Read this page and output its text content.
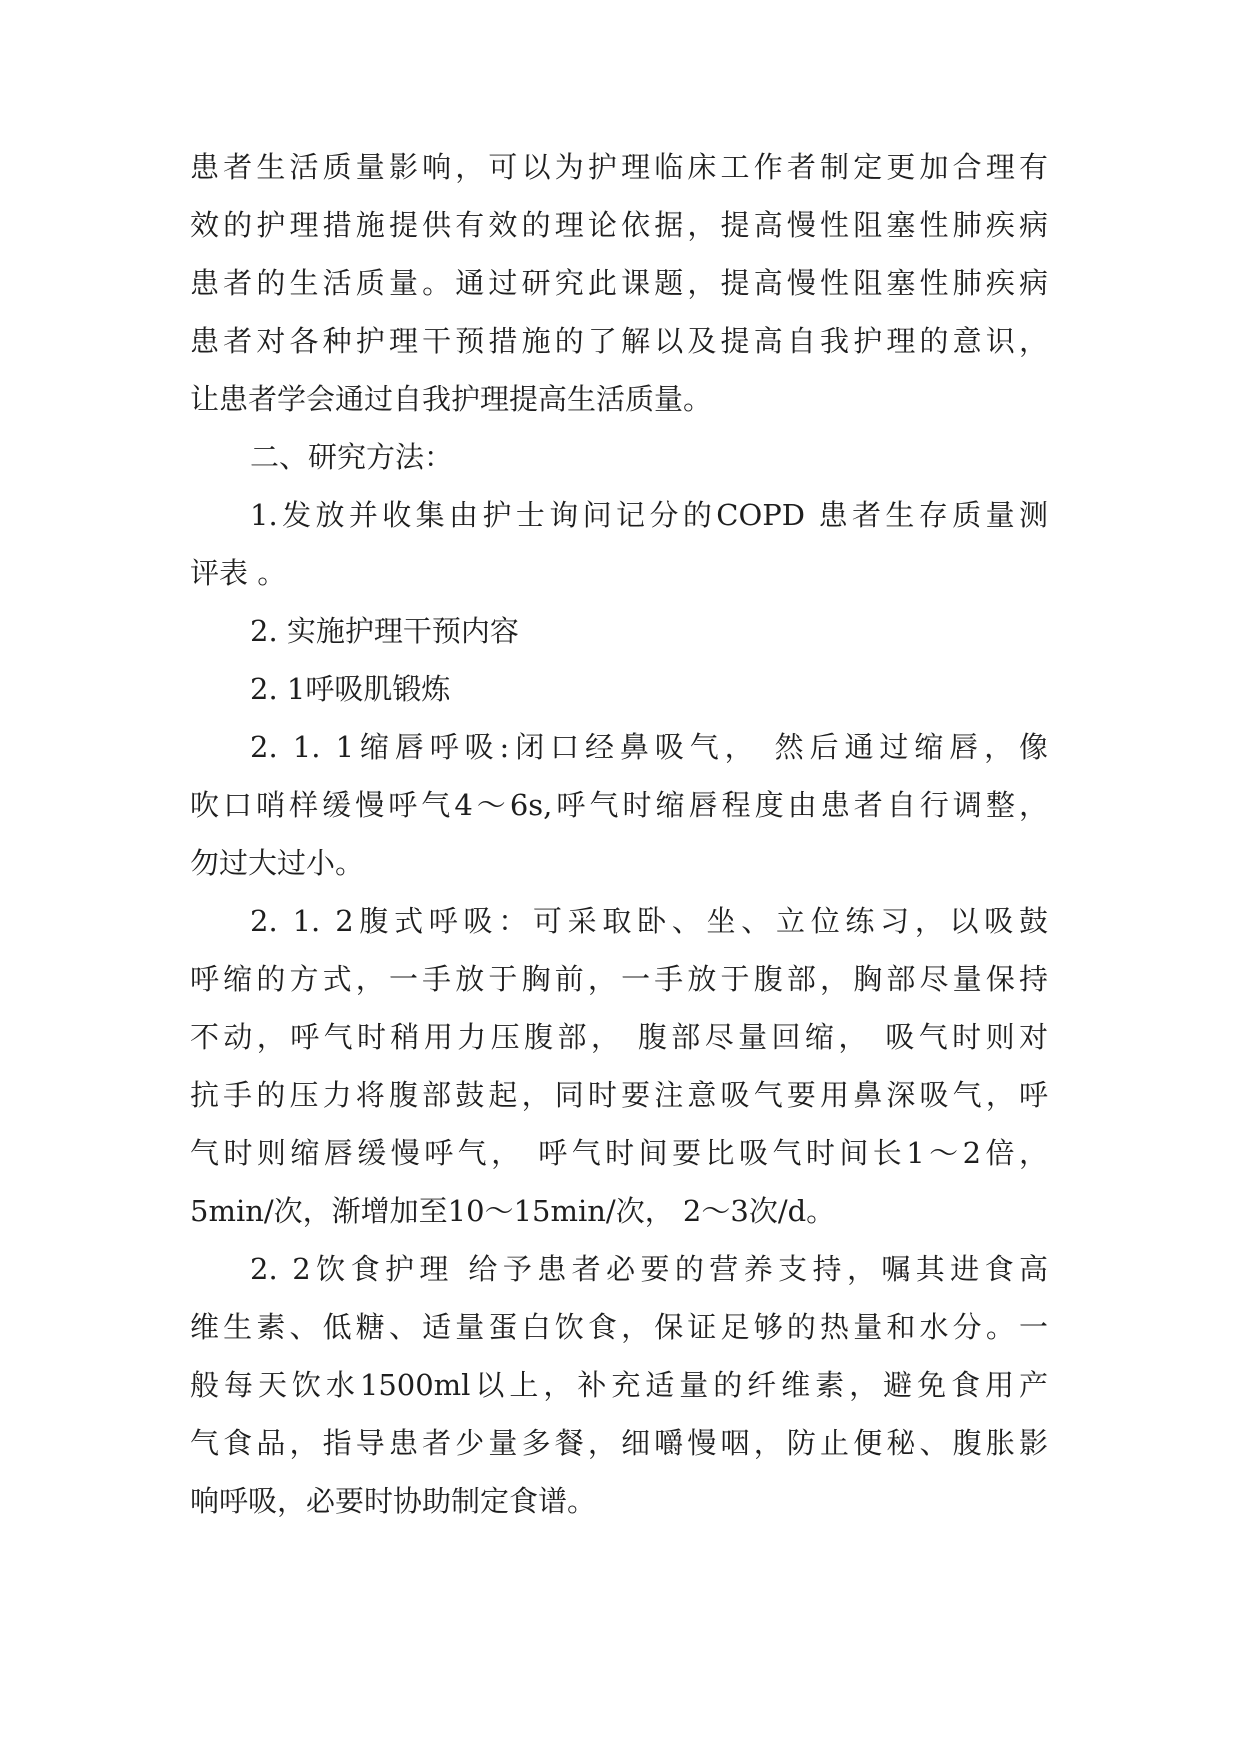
患者生活质量影响，可以为护理临床工作者制定更加合理有

效的护理措施提供有效的理论依据，提高慢性阻塞性肺疾病

患者的生活质量。通过研究此课题，提高慢性阻塞性肺疾病

患者对各种护理干预措施的了解以及提高自我护理的意识，

让患者学会通过自我护理提高生活质量。

二、研究方法：

1.发放并收集由护士询问记分的COPD 患者生存质量测

评表 。

2. 实施护理干预内容

2. 1呼吸肌锻炼

2. 1. 1缩唇呼吸:闭口经鼻吸气， 然后通过缩唇，像

吹口哨样缓慢呼气4～6s,呼气时缩唇程度由患者自行调整，

勿过大过小。

2. 1. 2腹式呼吸：可采取卧、坐、立位练习，以吸鼓

呼缩的方式，一手放于胸前，一手放于腹部，胸部尽量保持

不动，呼气时稍用力压腹部， 腹部尽量回缩， 吸气时则对

抗手的压力将腹部鼓起，同时要注意吸气要用鼻深吸气，呼

气时则缩唇缓慢呼气， 呼气时间要比吸气时间长1～2倍，

5min/次，渐增加至10～15min/次， 2～3次/d。

2. 2饮食护理 给予患者必要的营养支持，嘱其进食高

维生素、低糖、适量蛋白饮食，保证足够的热量和水分。一

般每天饮水1500ml以上，补充适量的纤维素，避免食用产

气食品，指导患者少量多餐，细嚼慢咽，防止便秘、腹胀影

响呼吸，必要时协助制定食谱。
